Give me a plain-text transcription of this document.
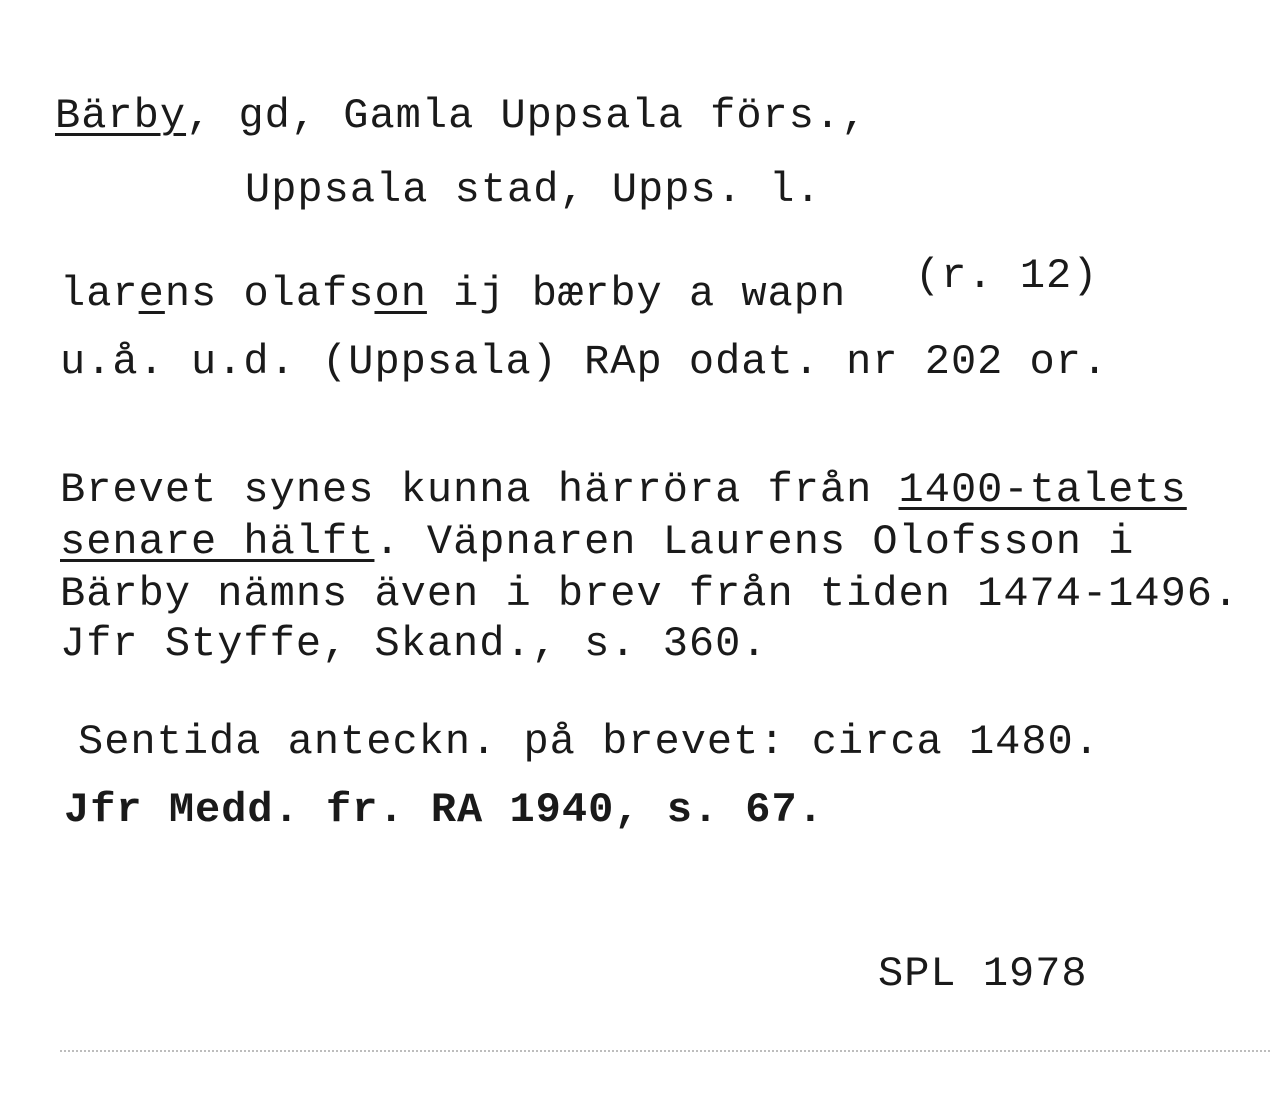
Bärby, gd, Gamla Uppsala förs.,
Uppsala stad, Upps. l.
larens olafson ij bærby a wapn (r. 12)
u.å. u.d. (Uppsala) RAp odat. nr 202 or.
Brevet synes kunna härröra från 1400-talets
senare hälft. Väpnaren Laurens Olofsson i
Bärby nämns även i brev från tiden 1474-1496.
Jfr Styffe, Skand., s. 360.
Sentida anteckn. på brevet: circa 1480.
Jfr Medd. fr. RA 1940, s. 67.
SPL 1978
